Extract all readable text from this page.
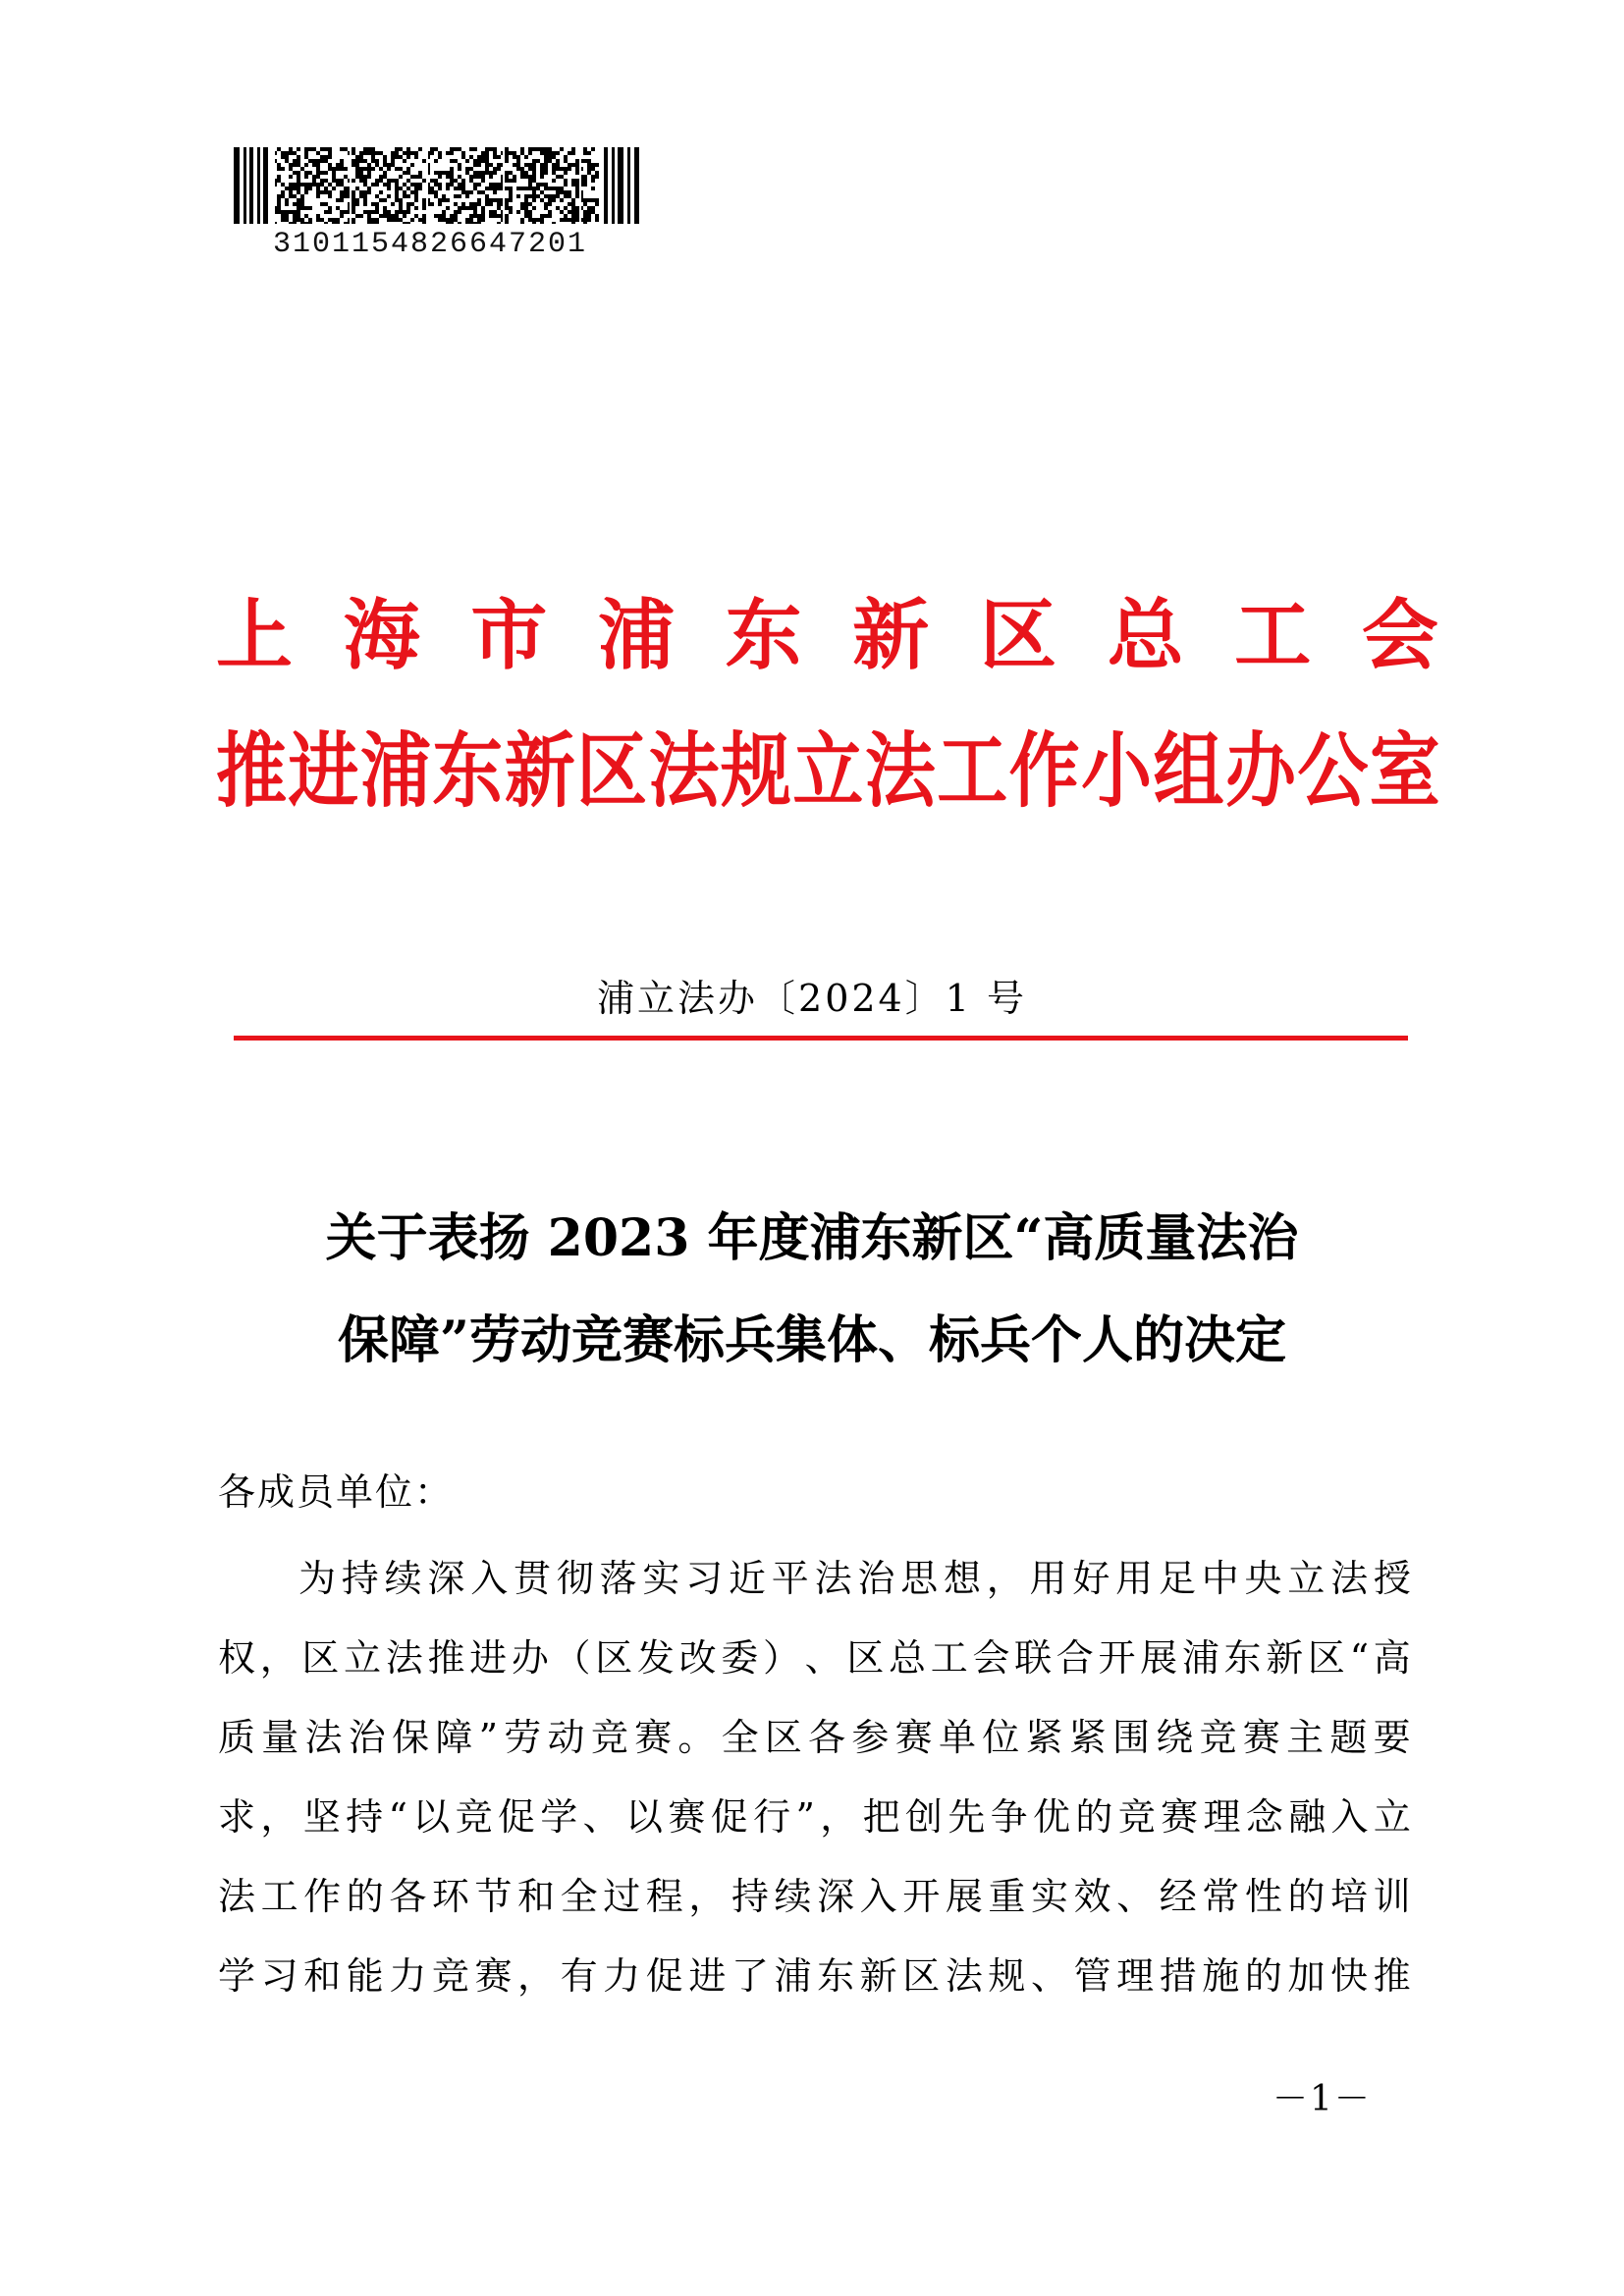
3101154826647201
上 海 市 浦 东 新 区 总 工 会
推 进 浦 东 新 区 法 规 立 法 工 作 小 组 办 公 室
浦立法办〔2024〕1 号
关于表扬 2023 年度浦东新区“高质量法治
保障”劳动竞赛标兵集体、标兵个人的决定
各成员单位：
为 持 续 深 入 贯 彻 落 实 习 近 平 法 治 思 想 ， 用 好 用 足 中 央 立 法 授
权 ， 区 立 法 推 进 办 （ 区 发 改 委 ） 、 区 总 工 会 联 合 开 展 浦 东 新 区 “ 高
质 量 法 治 保 障 ” 劳 动 竞 赛 。 全 区 各 参 赛 单 位 紧 紧 围 绕 竞 赛 主 题 要
求 ， 坚 持 “ 以 竞 促 学 、 以 赛 促 行 ” ， 把 创 先 争 优 的 竞 赛 理 念 融 入 立
法 工 作 的 各 环 节 和 全 过 程 ， 持 续 深 入 开 展 重 实 效 、 经 常 性 的 培 训
学 习 和 能 力 竞 赛 ， 有 力 促 进 了 浦 东 新 区 法 规 、 管 理 措 施 的 加 快 推
－1－
